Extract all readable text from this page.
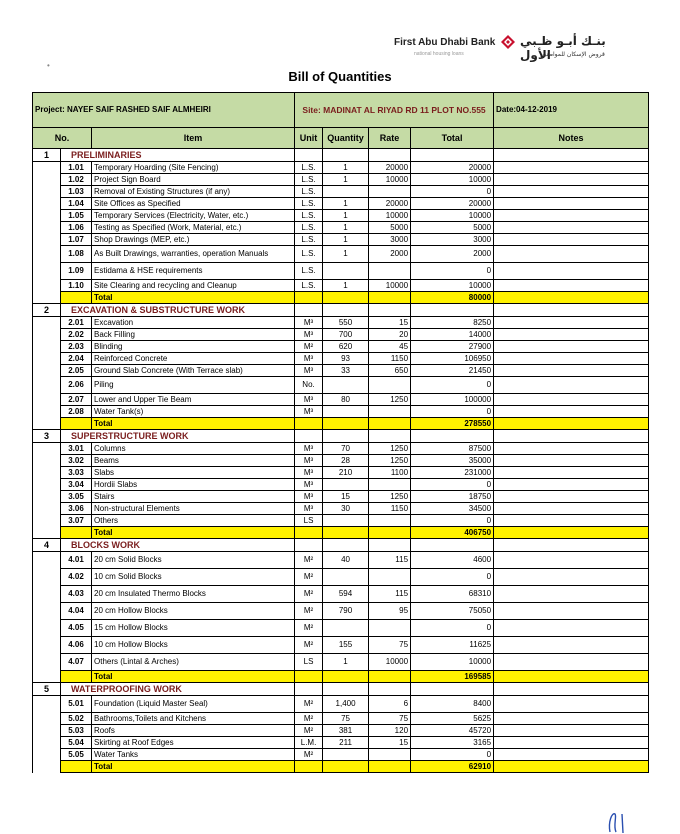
First Abu Dhabi Bank بنـك أبـو ظـبي الأول
national housing loans	قروض الإسكان للمواطنين
•
Bill of Quantities
Project: NAYEF SAIF RASHED SAIF ALMHEIRI			Site: MADINAT AL RIYAD RD 11 PLOT NO.555				Date:04-12-2019
No.		Item	Unit	Quantity	Rate	Total	Notes
1	PRELIMINARIES						
	1.01	Temporary Hoarding (Site Fencing)	L.S.	1	20000	20000	
	1.02	Project Sign Board	L.S.	1	10000	10000	
	1.03	Removal of Existing Structures (if any)	L.S.			0	
	1.04	Site Offices as Specified	L.S.	1	20000	20000	
	1.05	Temporary Services (Electricity, Water, etc.)	L.S.	1	10000	10000	
	1.06	Testing as Specified (Work, Material, etc.)	L.S.	1	5000	5000	
	1.07	Shop Drawings (MEP, etc.)	L.S.	1	3000	3000	
	1.08	As Built Drawings, warranties, operation Manuals	L.S.	1	2000	2000	
	1.09	Estidama & HSE requirements	L.S.			0	
	1.10	Site Clearing and recycling and Cleanup	L.S.	1	10000	10000	
		Total				80000	
2	EXCAVATION & SUBSTRUCTURE WORK						
	2.01	Excavation	M³	550	15	8250	
	2.02	Back Filling	M³	700	20	14000	
	2.03	Blinding	M²	620	45	27900	
	2.04	Reinforced Concrete	M³	93	1150	106950	
	2.05	Ground Slab Concrete (With Terrace slab)	M³	33	650	21450	
	2.06	Piling	No.			0	
	2.07	Lower and Upper Tie Beam	M³	80	1250	100000	
	2.08	Water Tank(s)	M³			0	
		Total				278550	
3	SUPERSTRUCTURE WORK						
	3.01	Columns	M³	70	1250	87500	
	3.02	Beams	M³	28	1250	35000	
	3.03	Slabs	M³	210	1100	231000	
	3.04	Hordii Slabs	M³			0	
	3.05	Stairs	M³	15	1250	18750	
	3.06	Non-structural Elements	M³	30	1150	34500	
	3.07	Others	LS			0	
		Total				406750	
4	BLOCKS WORK						
	4.01	20 cm Solid Blocks	M²	40	115	4600	
	4.02	10 cm Solid Blocks	M²			0	
	4.03	20 cm Insulated Thermo Blocks	M²	594	115	68310	
	4.04	20 cm Hollow Blocks	M²	790	95	75050	
	4.05	15 cm Hollow Blocks	M²			0	
	4.06	10 cm Hollow Blocks	M²	155	75	11625	
	4.07	Others (Lintal & Arches)	LS	1	10000	10000	
		Total				169585	
5	WATERPROOFING WORK						
	5.01	Foundation (Liquid Master Seal)	M²	1,400	6	8400	
	5.02	Bathrooms,Toilets and Kitchens	M²	75	75	5625	
	5.03	Roofs	M²	381	120	45720	
	5.04	Skirting at Roof Edges	L.M.	211	15	3165	
	5.05	Water Tanks	M²			0	
		Total				62910	
